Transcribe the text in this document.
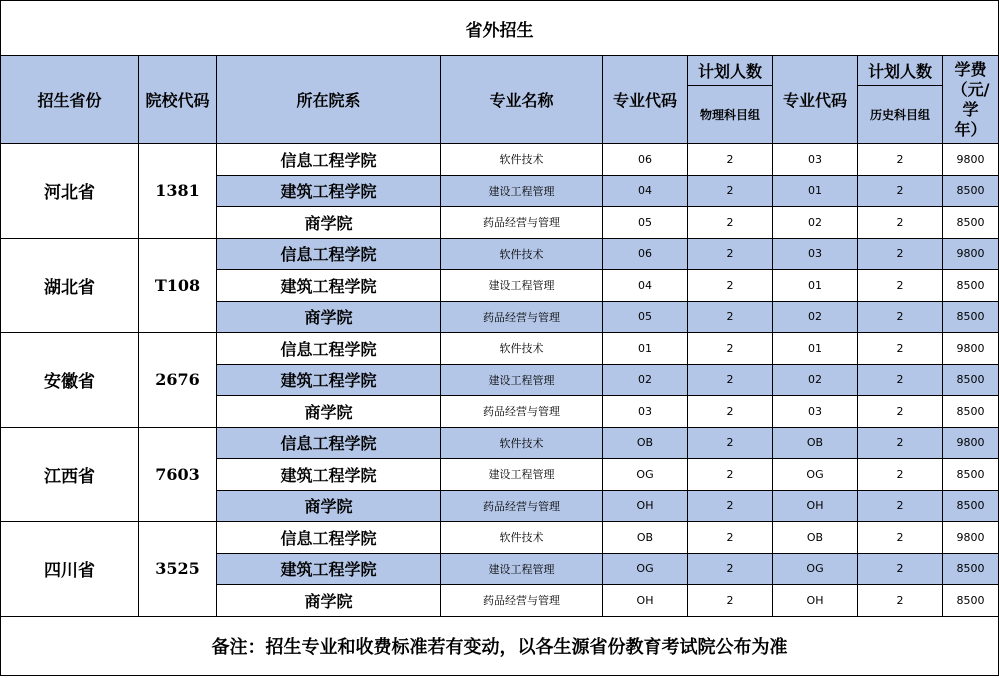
省外招生								
招生省份	院校代码	所在院系	专业名称	专业代码	计划人数	专业代码	计划人数	学费
（元/
学
年）
					物理科目组		历史科目组	
河北省	1381	信息工程学院	软件技术	06	2	03	2	9800
		建筑工程学院	建设工程管理	04	2	01	2	8500
		商学院	药品经营与管理	05	2	02	2	8500
湖北省	T108	信息工程学院	软件技术	06	2	03	2	9800
		建筑工程学院	建设工程管理	04	2	01	2	8500
		商学院	药品经营与管理	05	2	02	2	8500
安徽省	2676	信息工程学院	软件技术	01	2	01	2	9800
		建筑工程学院	建设工程管理	02	2	02	2	8500
		商学院	药品经营与管理	03	2	03	2	8500
江西省	7603	信息工程学院	软件技术	OB	2	OB	2	9800
		建筑工程学院	建设工程管理	OG	2	OG	2	8500
		商学院	药品经营与管理	OH	2	OH	2	8500
四川省	3525	信息工程学院	软件技术	OB	2	OB	2	9800
		建筑工程学院	建设工程管理	OG	2	OG	2	8500
		商学院	药品经营与管理	OH	2	OH	2	8500
备注：招生专业和收费标准若有变动，以各生源省份教育考试院公布为准								
